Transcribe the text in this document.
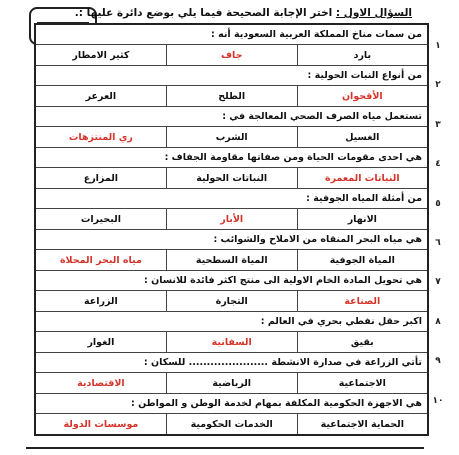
السؤال الاول : اختر الإجابة الصحيحة فيما يلي بوضع دائرة عليها :.
من سمات مناخ المملكة العربية السعودية أنه :		
بارد	جاف	كثير الامطار
من أنواع النبات الحولية :		
الأقحوان	الطلح	العرعر
تستعمل مياه الصرف الصحي المعالجة في :		
الغسيل	الشرب	ري المنتزهات
هي احدى مقومات الحياة ومن صفاتها مقاومة الجفاف :		
النباتات المعمرة	النباتات الحولية	المزارع
من أمثلة المياه الجوفية :		
الانهار	الأبار	البحيرات
هي مياه البحر المنقاه من الاملاح والشوائب :		
المياة الجوفية	المياة السطحية	مياه البحر المحلاة
هي تحويل المادة الخام الاولية الى منتج اكثر فائدة للانسان :		
الصناعة	التجارة	الزراعة
اكبر حقل نفطي بحري في العالم :		
بقيق	السفانية	الغوار
تأتي الزراعة في صدارة الانشطة ...................... للسكان :		
الاجتماعية	الرياضية	الاقتصادية
هي الاجهزة الحكومية المكلفة بمهام لخدمة الوطن و المواطن :		
الحماية الاجتماعية	الخدمات الحكومية	موسسات الدولة
١
٢
٣
٤
٥
٦
٧
٨
٩
١٠
